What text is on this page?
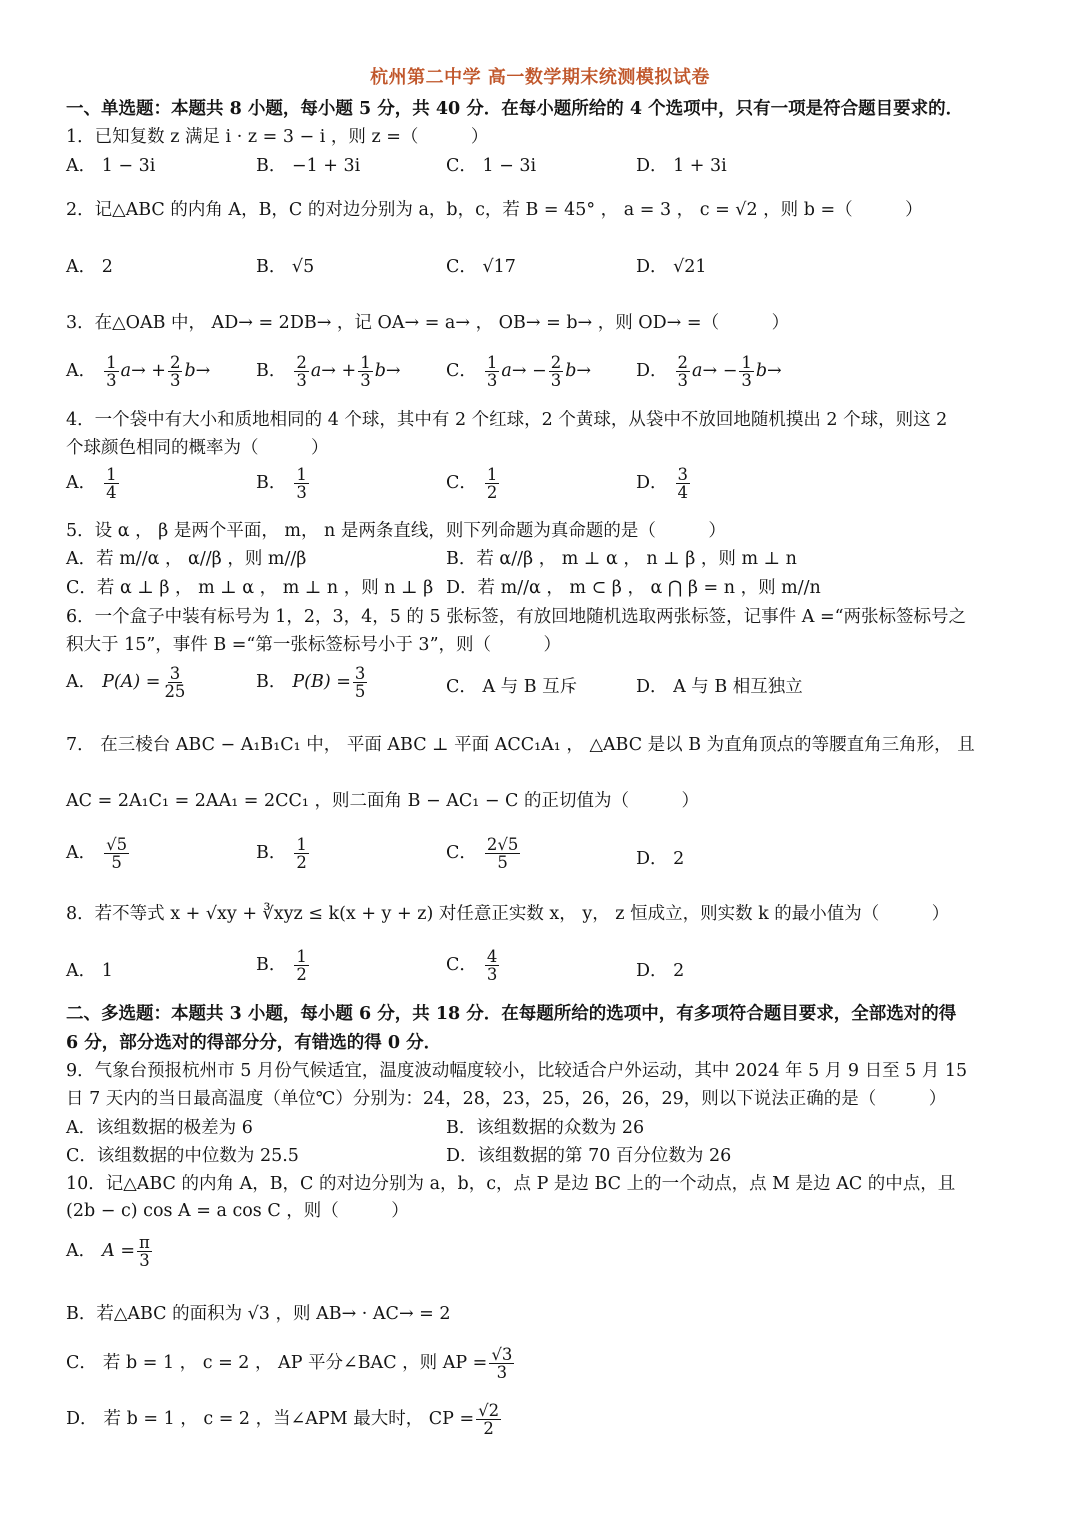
杭州第二中学 高一数学期末统测模拟试卷
一、单选题：本题共 8 小题，每小题 5 分，共 40 分．在每小题所给的 4 个选项中，只有一项是符合题目要求的．
1．已知复数 z 满足 i · z = 3 − i ，则 z =（　　　）
A． 1 − 3i	B． −1 + 3i	C． 1 − 3i	D． 1 + 3i
2．记△ABC 的内角 A，B，C 的对边分别为 a，b，c，若 B = 45° ， a = 3 ， c = √2 ，则 b =（　　　）
A． 2	B． √5	C． √17	D． √21
3．在△OAB 中， AD→ = 2DB→ ，记 OA→ = a→ ， OB→ = b→ ，则 OD→ =（　　　）
A． $\frac{1}{3} a\to + \frac{2}{3} b\to$	B． $\frac{2}{3} a\to + \frac{1}{3} b\to$	C． $\frac{1}{3} a\to - \frac{2}{3} b\to$	D． $\frac{2}{3} a\to - \frac{1}{3} b\to$
4．一个袋中有大小和质地相同的 4 个球，其中有 2 个红球，2 个黄球，从袋中不放回地随机摸出 2 个球，则这 2
个球颜色相同的概率为（　　　）
A． $\frac{1}{4}$	B． $\frac{1}{3}$	C． $\frac{1}{2}$	D． $\frac{3}{4}$
5．设 α ， β 是两个平面， m， n 是两条直线，则下列命题为真命题的是（　　　）
A．若 m//α ， α//β ，则 m//β	B．若 α//β ， m ⊥ α ， n ⊥ β ，则 m ⊥ n
C．若 α ⊥ β ， m ⊥ α ， m ⊥ n ，则 n ⊥ β D．若 m//α ， m ⊂ β ， α ⋂ β = n ，则 m//n
6．一个盒子中装有标号为 1，2，3，4，5 的 5 张标签，有放回地随机选取两张标签，记事件 A =“两张标签标号之
积大于 15”，事件 B =“第一张标签标号小于 3”，则（　　　）
A． $P(A) = \frac{3}{25}$	B． $P(B) = \frac{3}{5}$	C． A 与 B 互斥	D． A 与 B 相互独立
7． 在三棱台 ABC − A₁B₁C₁ 中， 平面 ABC ⊥ 平面 ACC₁A₁ ， △ABC 是以 B 为直角顶点的等腰直角三角形， 且
AC = 2A₁C₁ = 2AA₁ = 2CC₁ ，则二面角 B − AC₁ − C 的正切值为（　　　）
A． $\frac{√5}{5}$	B． $\frac{1}{2}$	C． $\frac{2√5}{5}$	D． 2
8．若不等式 x + √xy + ∛xyz ≤ k(x + y + z) 对任意正实数 x， y， z 恒成立，则实数 k 的最小值为（　　　）
A． 1	B． $\frac{1}{2}$	C． $\frac{4}{3}$	D． 2
二、多选题：本题共 3 小题，每小题 6 分，共 18 分．在每题所给的选项中，有多项符合题目要求，全部选对的得
6 分，部分选对的得部分分，有错选的得 0 分．
9．气象台预报杭州市 5 月份气候适宜，温度波动幅度较小，比较适合户外运动，其中 2024 年 5 月 9 日至 5 月 15
日 7 天内的当日最高温度（单位℃）分别为：24，28，23，25，26，26，29，则以下说法正确的是（　　　）
A．该组数据的极差为 6	B．该组数据的众数为 26
C．该组数据的中位数为 25.5	D．该组数据的第 70 百分位数为 26
10．记△ABC 的内角 A，B，C 的对边分别为 a，b，c，点 P 是边 BC 上的一个动点，点 M 是边 AC 的中点，且
(2b − c) cos A = a cos C ，则（　　　）
A． $A = \frac{\pi}{3}$
B．若△ABC 的面积为 √3 ，则 AB→ · AC→ = 2
C． 若 b = 1 ， c = 2 ， AP 平分∠BAC ，则 AP = $\frac{√3}{3}$
D． 若 b = 1 ， c = 2 ，当∠APM 最大时， CP = $\frac{√2}{2}$
